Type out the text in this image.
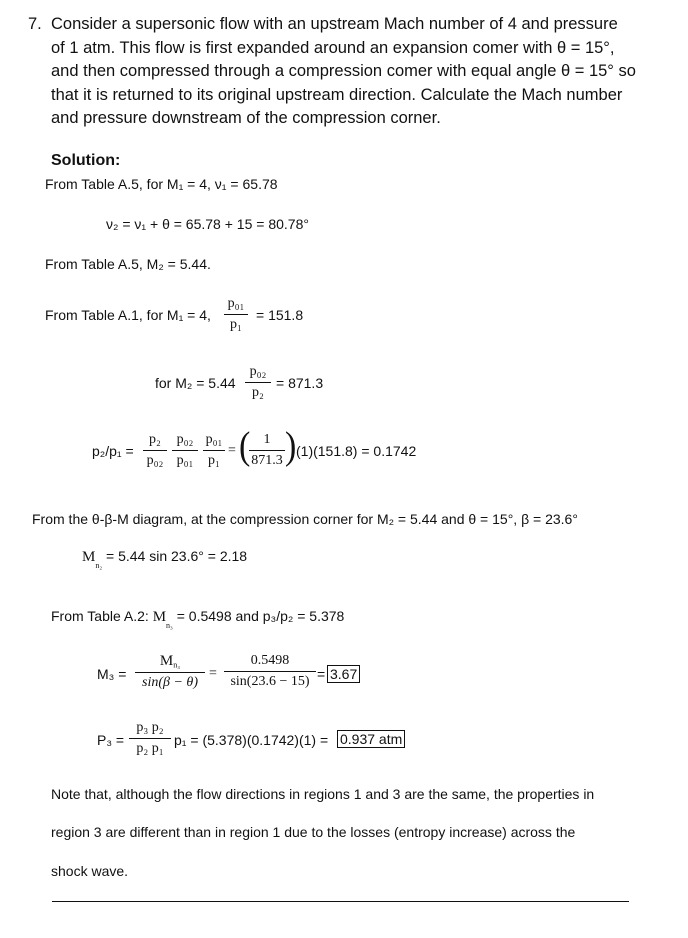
7. Consider a supersonic flow with an upstream Mach number of 4 and pressure
of 1 atm. This flow is first expanded around an expansion comer with θ = 15°,
and then compressed through a compression comer with equal angle θ = 15° so
that it is returned to its original upstream direction. Calculate the Mach number
and pressure downstream of the compression corner.
Solution:
From Table A.5, for M₁ = 4, ν₁ = 65.78
ν₂ = ν₁ + θ = 65.78 + 15 = 80.78°
From Table A.5, M₂ = 5.44.
From Table A.1, for M₁ = 4,
p₀₁
p₁
= 151.8
for M₂ = 5.44
p₀₂
p₂
= 871.3
p₂/p₁ =
p₂
p₀₂
p₀₂
p₀₁
p₀₁
p₁
= ( 1
871.3 ) (1)(151.8) = 0.1742
From the θ-β-M diagram, at the compression corner for M₂ = 5.44 and θ = 15°, β = 23.6°
$M_{n_2} = 5.44$ sin 23.6° = 2.18
From Table A.2: $M_{n_3} = 0.5498$ and p₃/p₂ = 5.378
M₃ =
$M_{n_3}$
sin(β − θ)
=
0.5498
sin(23.6 − 15) = 3.67
P₃ =
p₃ p₂
p₂ p₁
p₁ = (5.378)(0.1742)(1) = 0.937 atm
Note that, although the flow directions in regions 1 and 3 are the same, the properties in
region 3 are different than in region 1 due to the losses (entropy increase) across the
shock wave.
